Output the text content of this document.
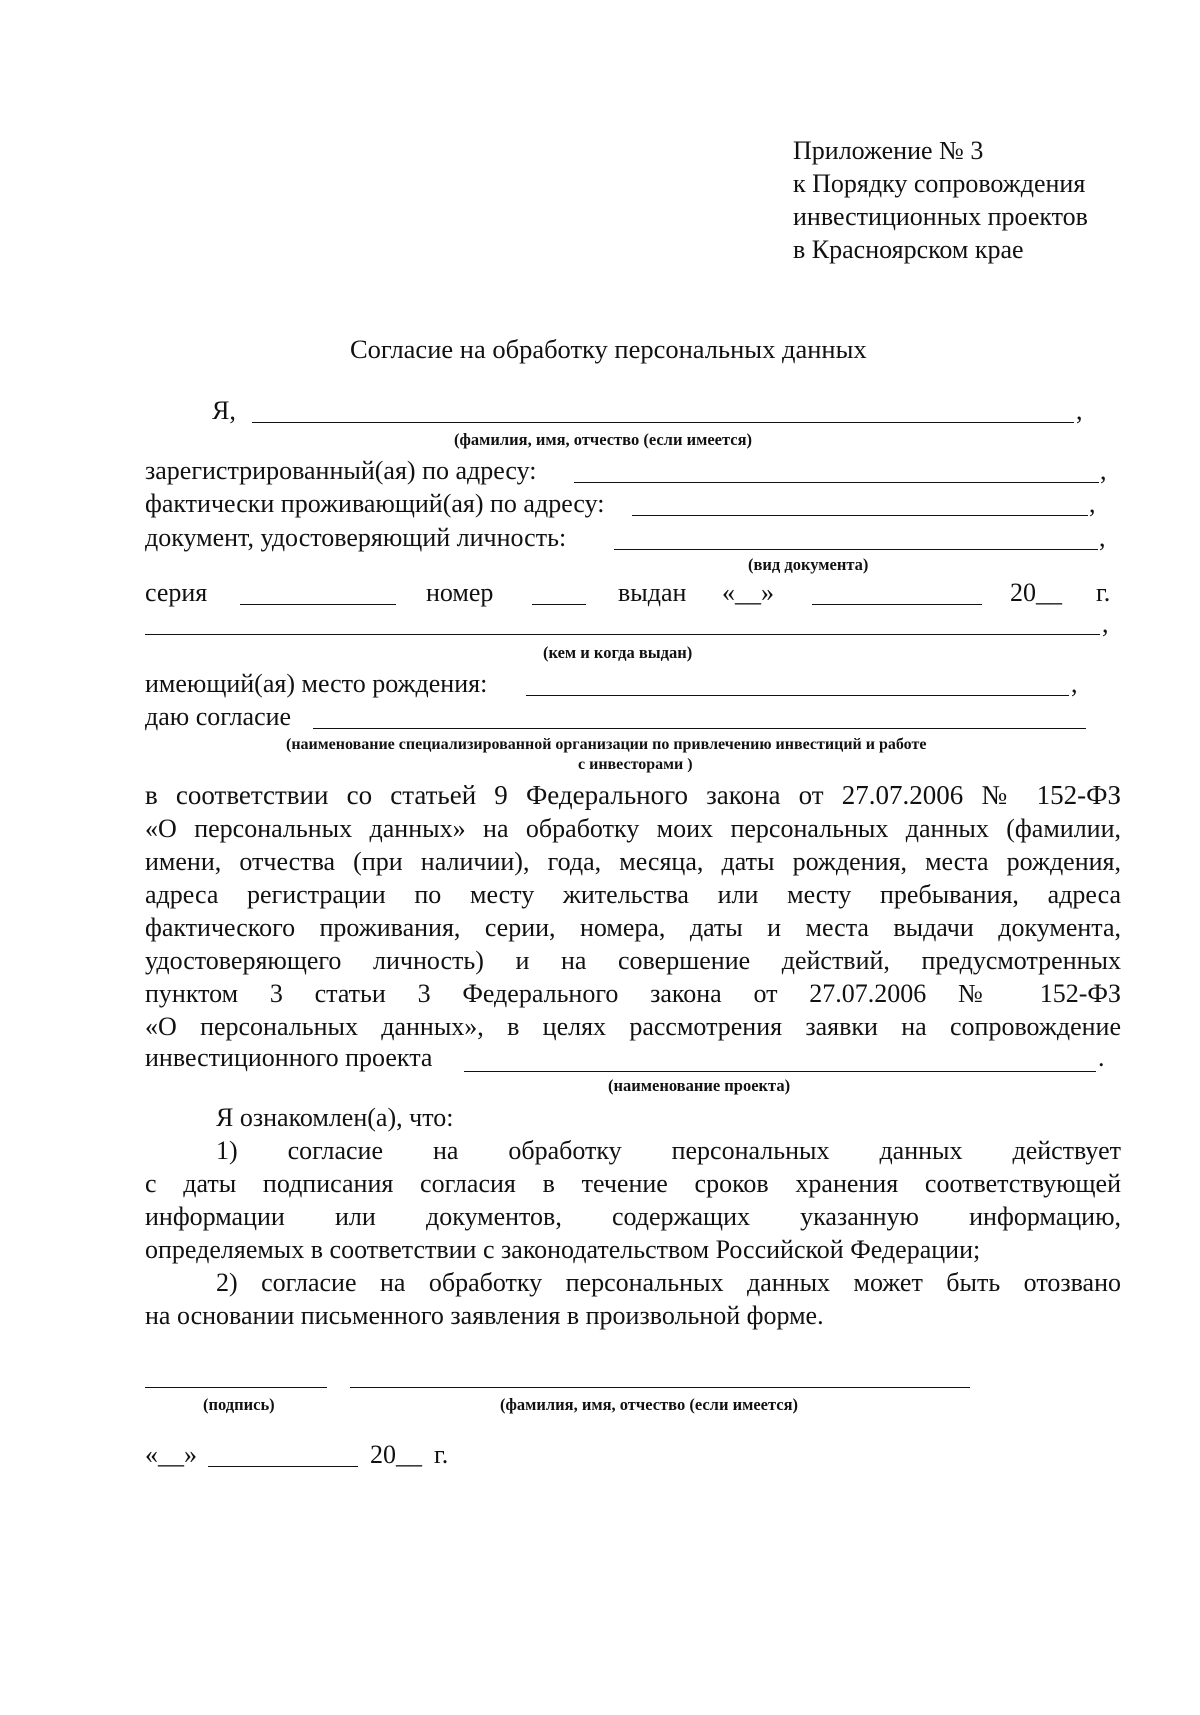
Приложение № 3
к Порядку сопровождения
инвестиционных проектов
в Красноярском крае
Согласие на обработку персональных данных
Я,	,
(фамилия, имя, отчество (если имеется)
зарегистрированный(ая) по адресу:	,
фактически проживающий(ая) по адресу:	,
документ, удостоверяющий личность:	,
(вид документа)
серия	номер	выдан «__»	20__ г.
,
(кем и когда выдан)
имеющий(ая) место рождения:	,
даю согласие
(наименование специализированной организации по привлечению инвестиций и работе
с инвесторами )
в соответствии со статьей 9 Федерального закона от 27.07.2006 № 152-ФЗ
«О персональных данных» на обработку моих персональных данных (фамилии,
имени, отчества (при наличии), года, месяца, даты рождения, места рождения,
адреса регистрации по месту жительства или месту пребывания, адреса
фактического проживания, серии, номера, даты и места выдачи документа,
удостоверяющего личность) и на совершение действий, предусмотренных
пунктом 3 статьи 3 Федерального закона от 27.07.2006 № 152-ФЗ
«О персональных данных», в целях рассмотрения заявки на сопровождение
инвестиционного проекта	.
(наименование проекта)
Я ознакомлен(а), что:
1) согласие на обработку персональных данных действует
с даты подписания согласия в течение сроков хранения соответствующей
информации или документов, содержащих указанную информацию,
определяемых в соответствии с законодательством Российской Федерации;
2) согласие на обработку персональных данных может быть отозвано
на основании письменного заявления в произвольной форме.
(подпись)	(фамилия, имя, отчество (если имеется)
«__»	20__ г.
